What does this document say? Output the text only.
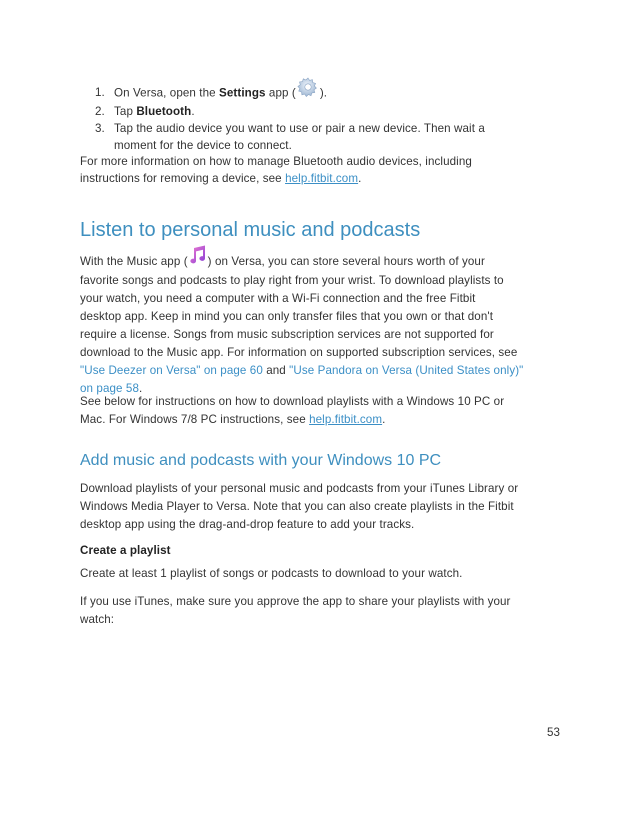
1. On Versa, open the Settings app ( ).
2. Tap Bluetooth.
3. Tap the audio device you want to use or pair a new device. Then wait a
moment for the device to connect.

For more information on how to manage Bluetooth audio devices, including
instructions for removing a device, see help.fitbit.com.

Listen to personal music and podcasts

With the Music app ( ) on Versa, you can store several hours worth of your
favorite songs and podcasts to play right from your wrist. To download playlists to
your watch, you need a computer with a Wi-Fi connection and the free Fitbit
desktop app. Keep in mind you can only transfer files that you own or that don't
require a license. Songs from music subscription services are not supported for
download to the Music app. For information on supported subscription services, see
"Use Deezer on Versa" on page 60 and "Use Pandora on Versa (United States only)"
on page 58.

See below for instructions on how to download playlists with a Windows 10 PC or
Mac. For Windows 7/8 PC instructions, see help.fitbit.com.

Add music and podcasts with your Windows 10 PC

Download playlists of your personal music and podcasts from your iTunes Library or
Windows Media Player to Versa. Note that you can also create playlists in the Fitbit
desktop app using the drag-and-drop feature to add your tracks.

Create a playlist

Create at least 1 playlist of songs or podcasts to download to your watch.

If you use iTunes, make sure you approve the app to share your playlists with your
watch:

53
